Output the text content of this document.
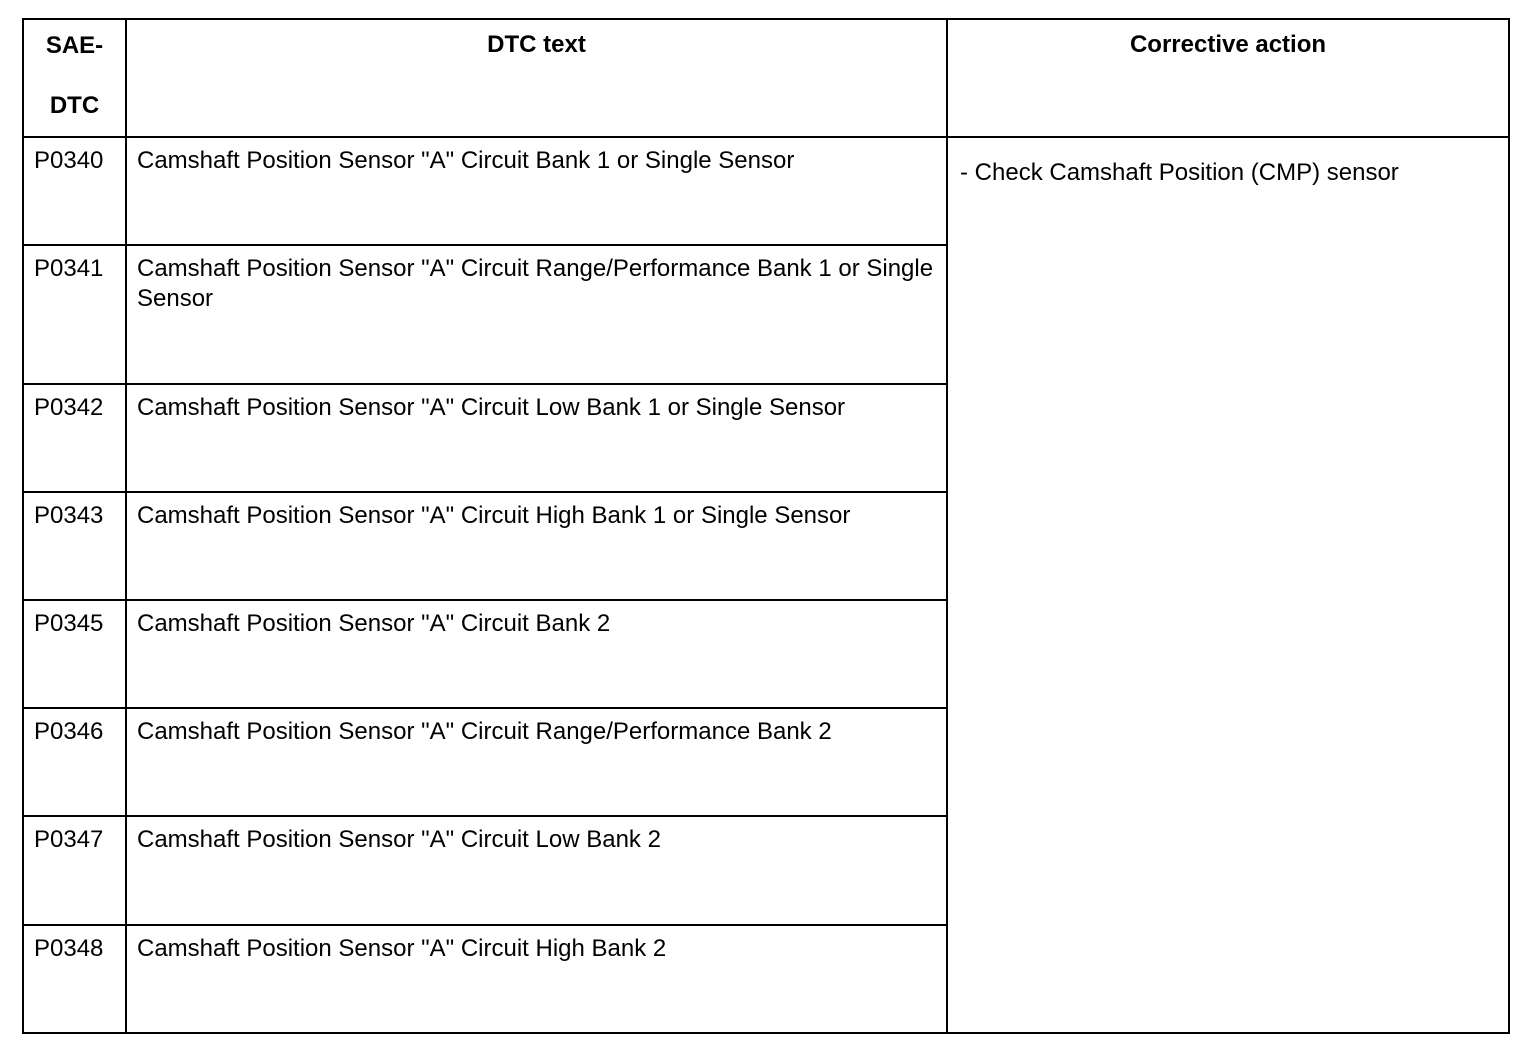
SAE-
DTC	DTC text	Corrective action

P0340	Camshaft Position Sensor "A" Circuit Bank 1 or Single Sensor	- Check Camshaft Position (CMP) sensor
P0341	Camshaft Position Sensor "A" Circuit Range/Performance Bank 1 or Single Sensor	
P0342	Camshaft Position Sensor "A" Circuit Low Bank 1 or Single Sensor	
P0343	Camshaft Position Sensor "A" Circuit High Bank 1 or Single Sensor	
P0345	Camshaft Position Sensor "A" Circuit Bank 2	
P0346	Camshaft Position Sensor "A" Circuit Range/Performance Bank 2	
P0347	Camshaft Position Sensor "A" Circuit Low Bank 2	
P0348	Camshaft Position Sensor "A" Circuit High Bank 2	
